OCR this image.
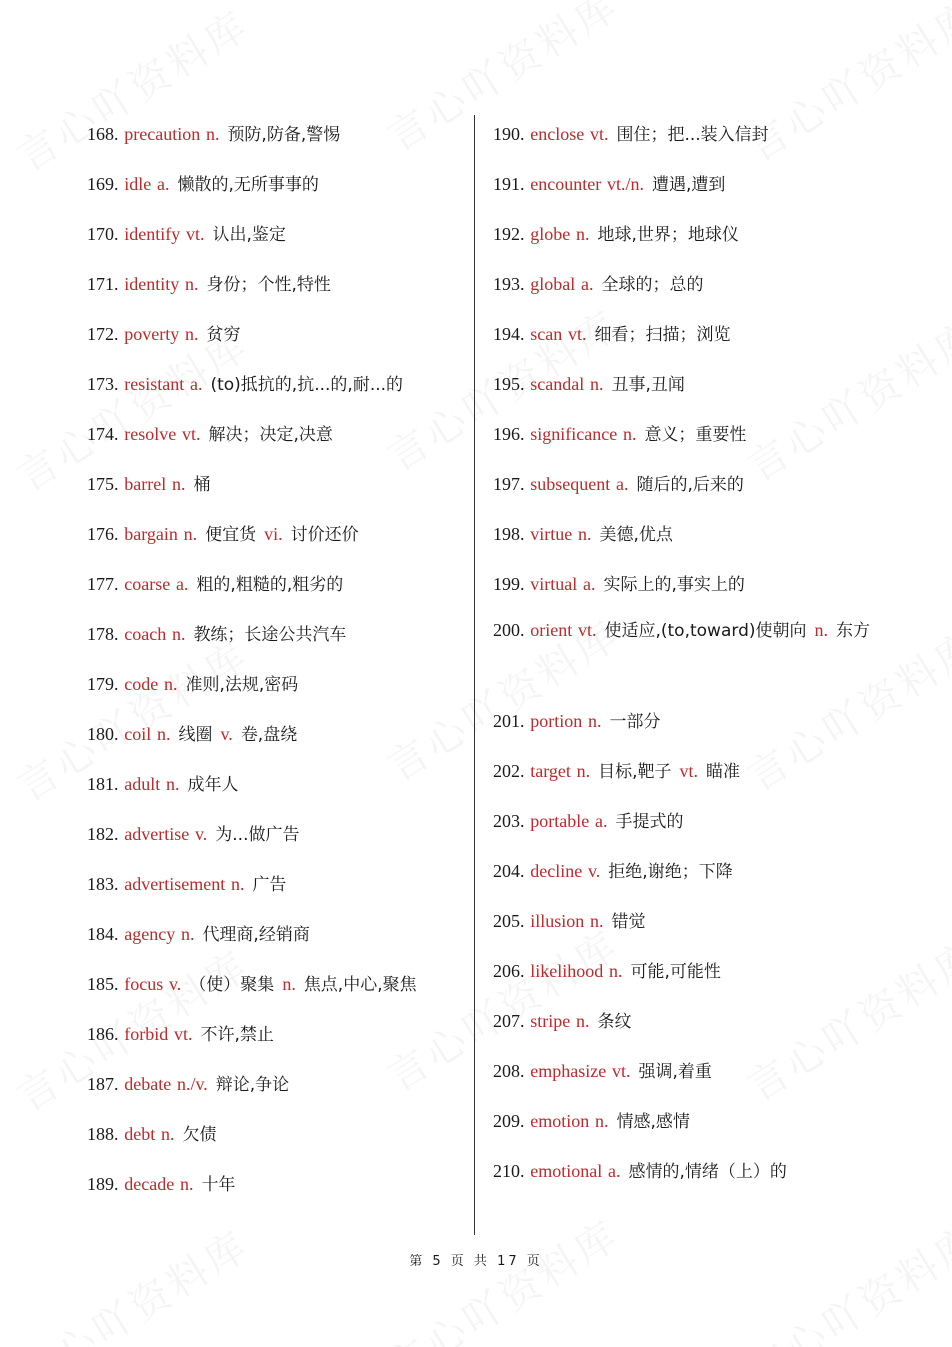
168. precaution n. 预防,防备,警惕
169. idle a. 懒散的,无所事事的
170. identify vt. 认出,鉴定
171. identity n. 身份；个性,特性
172. poverty n. 贫穷
173. resistant a. (to)抵抗的,抗...的,耐...的
174. resolve vt. 解决；决定,决意
175. barrel n. 桶
176. bargain n. 便宜货 vi. 讨价还价
177. coarse a. 粗的,粗糙的,粗劣的
178. coach n. 教练；长途公共汽车
179. code n. 准则,法规,密码
180. coil n. 线圈 v. 卷,盘绕
181. adult n. 成年人
182. advertise v. 为...做广告
183. advertisement n. 广告
184. agency n. 代理商,经销商
185. focus v. （使）聚集 n. 焦点,中心,聚焦
186. forbid vt. 不许,禁止
187. debate n./v. 辩论,争论
188. debt n. 欠债
189. decade n. 十年
190. enclose vt. 围住；把...装入信封
191. encounter vt./n. 遭遇,遭到
192. globe n. 地球,世界；地球仪
193. global a. 全球的；总的
194. scan vt. 细看；扫描；浏览
195. scandal n. 丑事,丑闻
196. significance n. 意义；重要性
197. subsequent a. 随后的,后来的
198. virtue n. 美德,优点
199. virtual a. 实际上的,事实上的
200. orient vt. 使适应,(to,toward)使朝向 n. 东方
201. portion n. 一部分
202. target n. 目标,靶子 vt. 瞄准
203. portable a. 手提式的
204. decline v. 拒绝,谢绝；下降
205. illusion n. 错觉
206. likelihood n. 可能,可能性
207. stripe n. 条纹
208. emphasize vt. 强调,着重
209. emotion n. 情感,感情
210. emotional a. 感情的,情绪（上）的
第 5 页 共 17 页
